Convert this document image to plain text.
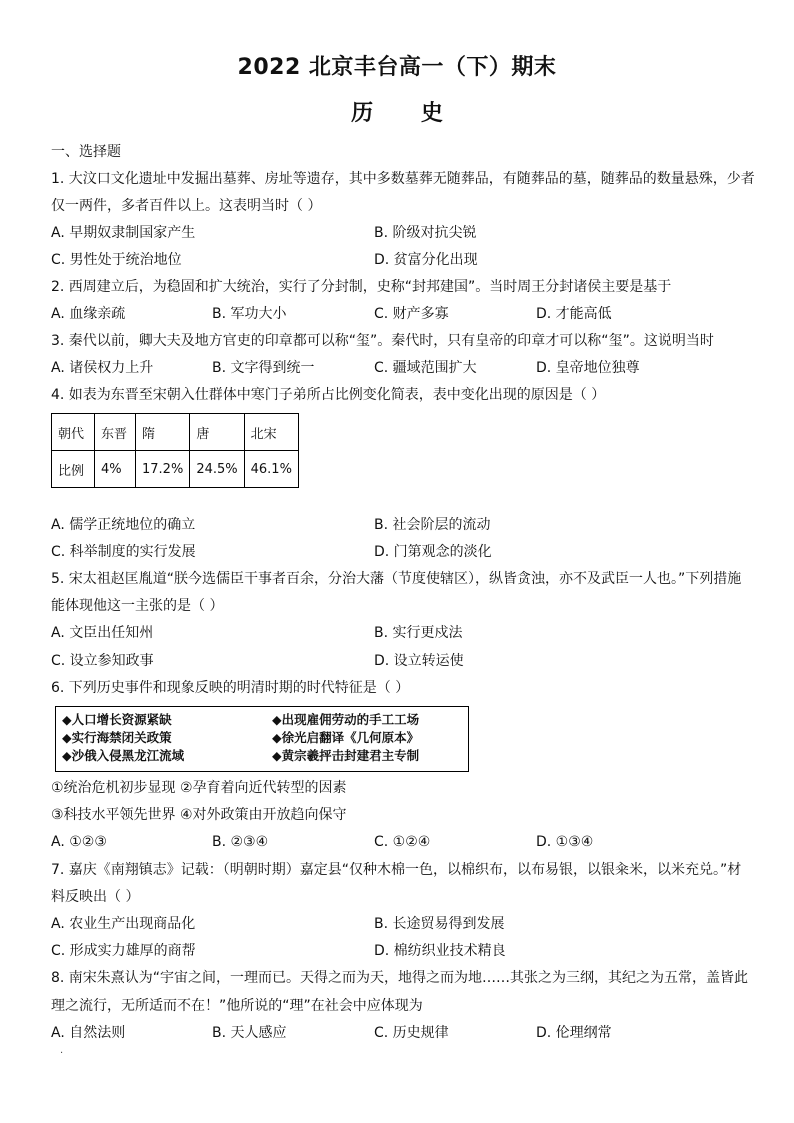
2022 北京丰台高一（下）期末
历 史
一、选择题
1. 大汶口文化遗址中发掘出墓葬、房址等遗存，其中多数墓葬无随葬品，有随葬品的墓，随葬品的数量悬殊，少者
仅一两件，多者百件以上。这表明当时（ ）
A. 早期奴隶制国家产生	B. 阶级对抗尖锐
C. 男性处于统治地位	D. 贫富分化出现
2. 西周建立后，为稳固和扩大统治，实行了分封制，史称“封邦建国”。当时周王分封诸侯主要是基于
A. 血缘亲疏	B. 军功大小	C. 财产多寡	D. 才能高低
3. 秦代以前，卿大夫及地方官吏的印章都可以称“玺”。秦代时，只有皇帝的印章才可以称“玺”。这说明当时
A. 诸侯权力上升	B. 文字得到统一	C. 疆域范围扩大	D. 皇帝地位独尊
4. 如表为东晋至宋朝入仕群体中寒门子弟所占比例变化简表，表中变化出现的原因是（ ）
朝代	东晋	隋	唐	北宋
比例	4%	17.2%	24.5%	46.1%
A. 儒学正统地位的确立	B. 社会阶层的流动
C. 科举制度的实行发展	D. 门第观念的淡化
5. 宋太祖赵匡胤道“朕今选儒臣干事者百余，分治大藩（节度使辖区），纵皆贪浊，亦不及武臣一人也。”下列措施
能体现他这一主张的是（ ）
A. 文臣出任知州	B. 实行更戍法
C. 设立参知政事	D. 设立转运使
6. 下列历史事件和现象反映的明清时期的时代特征是（ ）
◆人口增长资源紧缺	◆出现雇佣劳动的手工工场
◆实行海禁闭关政策	◆徐光启翻译《几何原本》
◆沙俄入侵黑龙江流域	◆黄宗羲抨击封建君主专制
①统治危机初步显现 ②孕育着向近代转型的因素
③科技水平领先世界 ④对外政策由开放趋向保守
A. ①②③	B. ②③④	C. ①②④	D. ①③④
7. 嘉庆《南翔镇志》记载：（明朝时期）嘉定县“仅种木棉一色，以棉织布，以布易银，以银籴米，以米充兑。”材
料反映出（ ）
A. 农业生产出现商品化	B. 长途贸易得到发展
C. 形成实力雄厚的商帮	D. 棉纺织业技术精良
8. 南宋朱熹认为“宇宙之间，一理而已。天得之而为天，地得之而为地……其张之为三纲，其纪之为五常，盖皆此
理之流行，无所适而不在！”他所说的“理”在社会中应体现为
A. 自然法则	B. 天人感应	C. 历史规律	D. 伦理纲常
·
